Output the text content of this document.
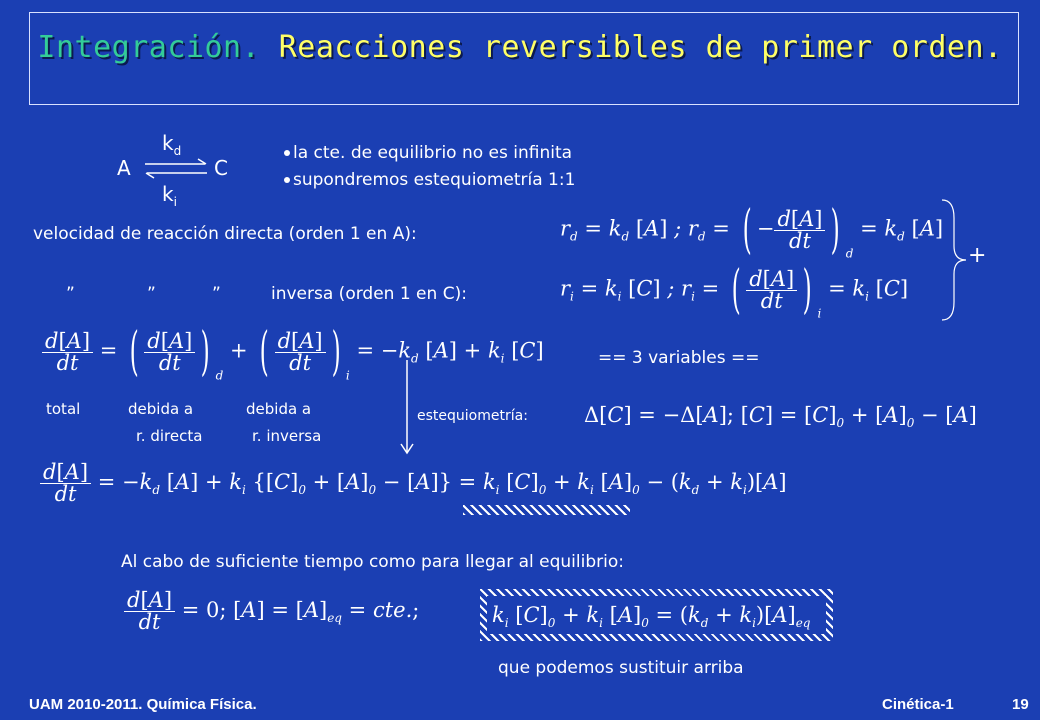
Integración. Reacciones reversibles de primer orden.
$k_d$
A	C
$k_i$
la cte. de equilibrio no es infinita
supondremos estequiometría 1:1
velocidad de reacción directa (orden 1 en A):	$r_d = k_d$ [A] ; $r_d$ = ( − $\frac{d[A]}{dt}$ ) $_d = k_d$ [A]
”	”	”	inversa (orden 1 en C):	$r_i = k_i$ [C] ; $r_i$ = ( $\frac{d[A]}{dt}$ ) $_i = k_i$ [C]
+
$\frac{d[A]}{dt}$ = ( $\frac{d[A]}{dt}$ ) $_d$ + ( $\frac{d[A]}{dt}$ ) $_i = -k_d$ $[A] + k_i$ [C]	== 3 variables ==
total	debida a
r. directa
debida a
r. inversa
estequiometría:	Δ[C] = −Δ[A]; $[C] = [C]_0 + [A]_0 - [A]$
$\frac{d[A]}{dt} = -k_d$ $[A] + k_i$ $\{[C]_0 + [A]_0 - [A]\} = k_i$ $[C]_0 + k_i$ $[A]_0 - (k_d + k_i)[A]$
Al cabo de suficiente tiempo como para llegar al equilibrio:
$\frac{d[A]}{dt} = 0$; $[A] = [A]_{eq}$ = cte.;	$k_i$ $[C]_0 + k_i$ $[A]_0 = (k_d + k_i)[A]_{eq}$
que podemos sustituir arriba
UAM 2010-2011. Química Física.	Cinética-1	19
